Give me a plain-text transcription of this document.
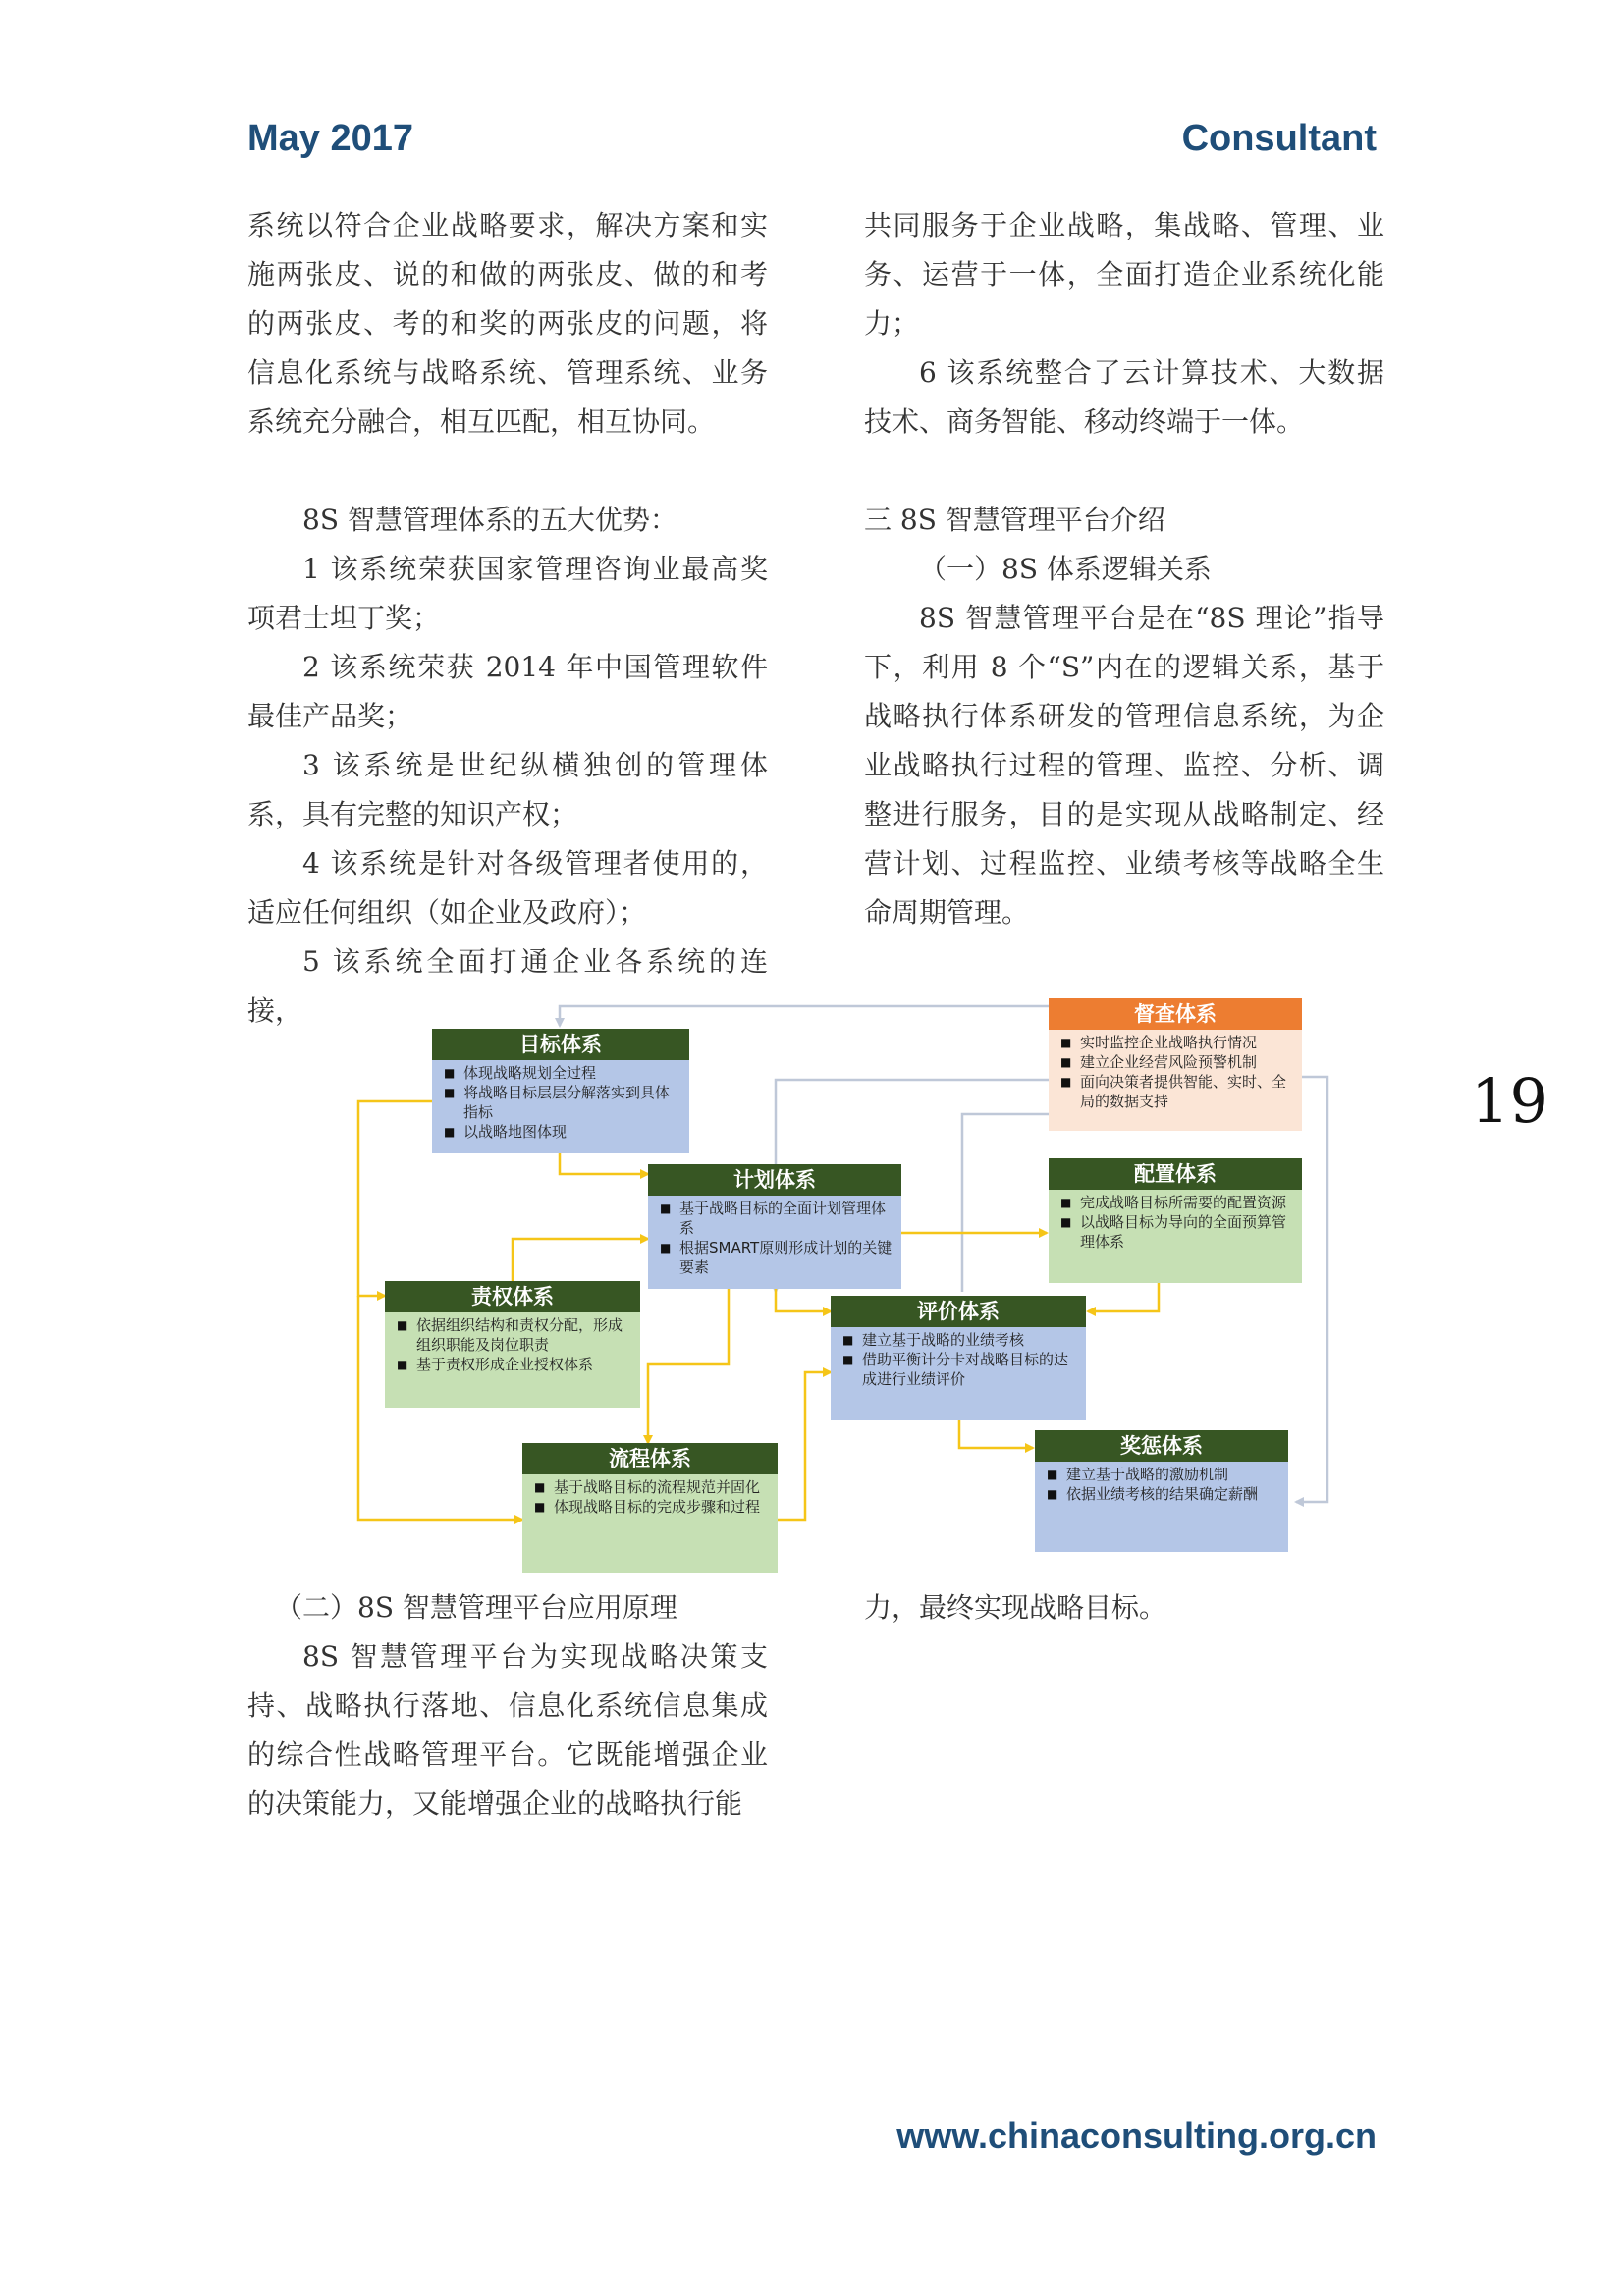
May 2017	Consultant

系统以符合企业战略要求，解决方案和实施两张皮、说的和做的两张皮、做的和考的两张皮、考的和奖的两张皮的问题，将信息化系统与战略系统、管理系统、业务系统充分融合，相互匹配，相互协同。

8S 智慧管理体系的五大优势：

1 该系统荣获国家管理咨询业最高奖项君士坦丁奖；

2 该系统荣获 2014 年中国管理软件最佳产品奖；

3 该系统是世纪纵横独创的管理体系，具有完整的知识产权；

4 该系统是针对各级管理者使用的，适应任何组织（如企业及政府）；

5 该系统全面打通企业各系统的连接，

共同服务于企业战略，集战略、管理、业务、运营于一体，全面打造企业系统化能力；

6 该系统整合了云计算技术、大数据技术、商务智能、移动终端于一体。

三 8S 智慧管理平台介绍

（一）8S 体系逻辑关系

8S 智慧管理平台是在“8S 理论”指导下，利用 8 个“S”内在的逻辑关系，基于战略执行体系研发的管理信息系统，为企业战略执行过程的管理、监控、分析、调整进行服务，目的是实现从战略制定、经营计划、过程监控、业绩考核等战略全生命周期管理。

19
目标体系
■ 体现战略规划全过程
■ 将战略目标层层分解落实到具体指标
■ 以战略地图体现
督查体系
■ 实时监控企业战略执行情况
■ 建立企业经营风险预警机制
■ 面向决策者提供智能、实时、全局的数据支持
计划体系
■ 基于战略目标的全面计划管理体系
■ 根据SMART原则形成计划的关键要素
配置体系
■ 完成战略目标所需要的配置资源
■ 以战略目标为导向的全面预算管理体系
责权体系
■ 依据组织结构和责权分配，形成组织职能及岗位职责
■ 基于责权形成企业授权体系
评价体系
■ 建立基于战略的业绩考核
■ 借助平衡计分卡对战略目标的达成进行业绩评价
流程体系
■ 基于战略目标的流程规范并固化
■ 体现战略目标的完成步骤和过程
奖惩体系
■ 建立基于战略的激励机制
■ 依据业绩考核的结果确定薪酬

（二）8S 智慧管理平台应用原理

8S 智慧管理平台为实现战略决策支持、战略执行落地、信息化系统信息集成的综合性战略管理平台。它既能增强企业的决策能力，又能增强企业的战略执行能

力，最终实现战略目标。

www.chinaconsulting.org.cn
